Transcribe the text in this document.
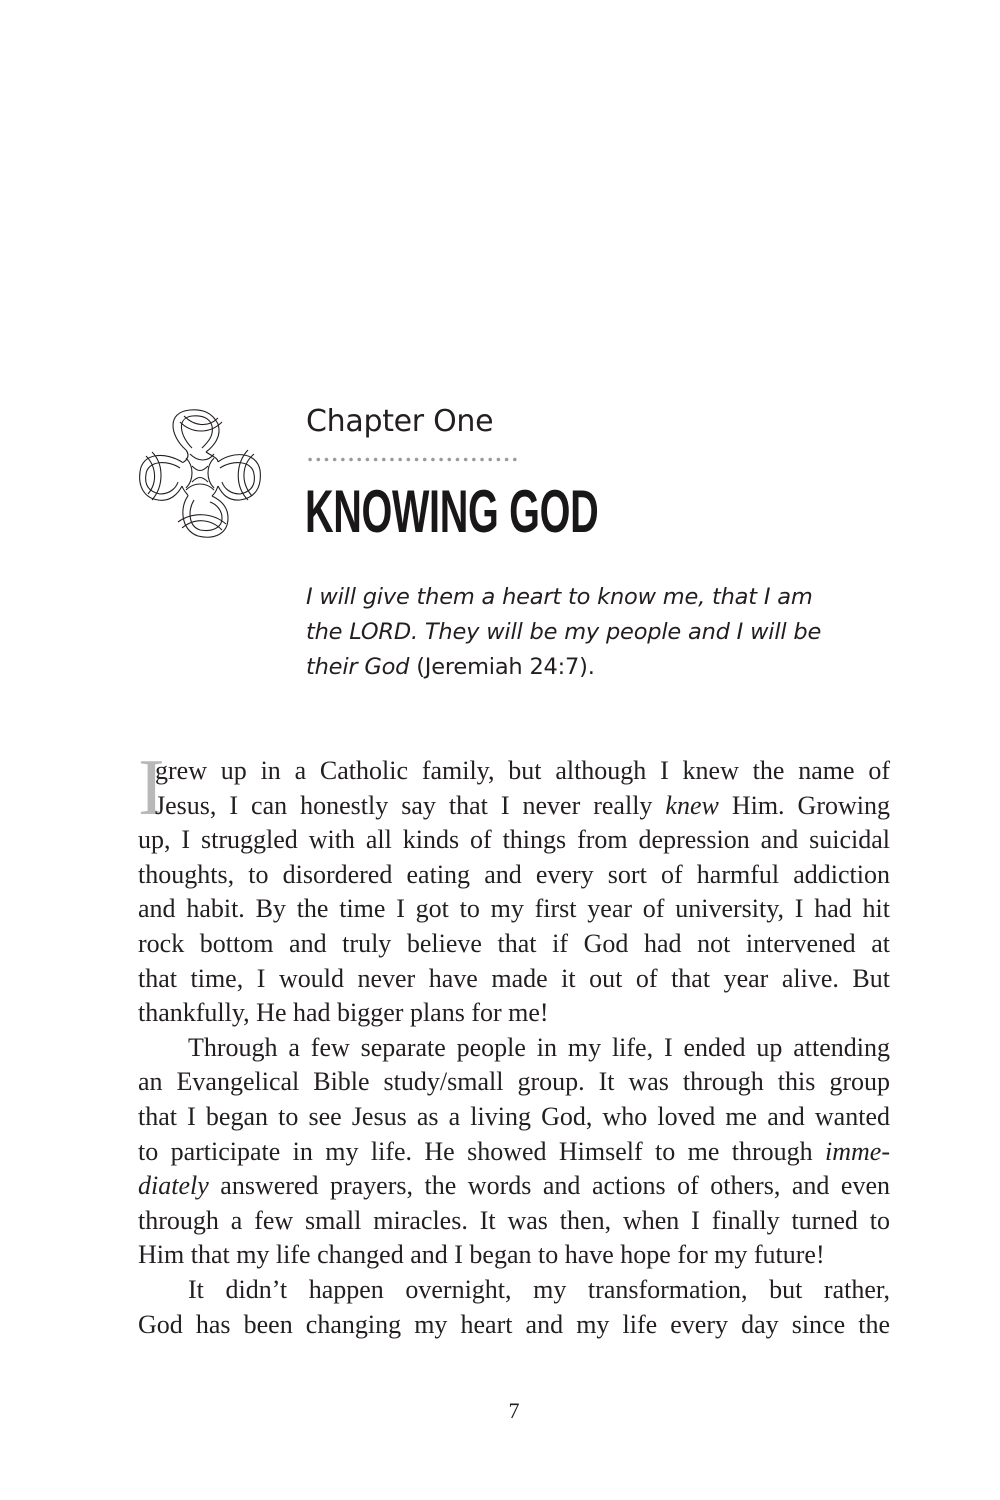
Chapter One
KNOWING GOD
I will give them a heart to know me, that I am
the LORD. They will be my people and I will be
their God (Jeremiah 24:7).
I
grew up in a Catholic family, but although I knew the name of
Jesus, I can honestly say that I never really knew Him. Growing
up, I struggled with all kinds of things from depression and suicidal
thoughts, to disordered eating and every sort of harmful addiction
and habit. By the time I got to my first year of university, I had hit
rock bottom and truly believe that if God had not intervened at
that time, I would never have made it out of that year alive. But
thankfully, He had bigger plans for me!
Through a few separate people in my life, I ended up attending
an Evangelical Bible study/small group. It was through this group
that I began to see Jesus as a living God, who loved me and wanted
to participate in my life. He showed Himself to me through imme-
diately answered prayers, the words and actions of others, and even
through a few small miracles. It was then, when I finally turned to
Him that my life changed and I began to have hope for my future!
It didn’t happen overnight, my transformation, but rather,
God has been changing my heart and my life every day since the
7
